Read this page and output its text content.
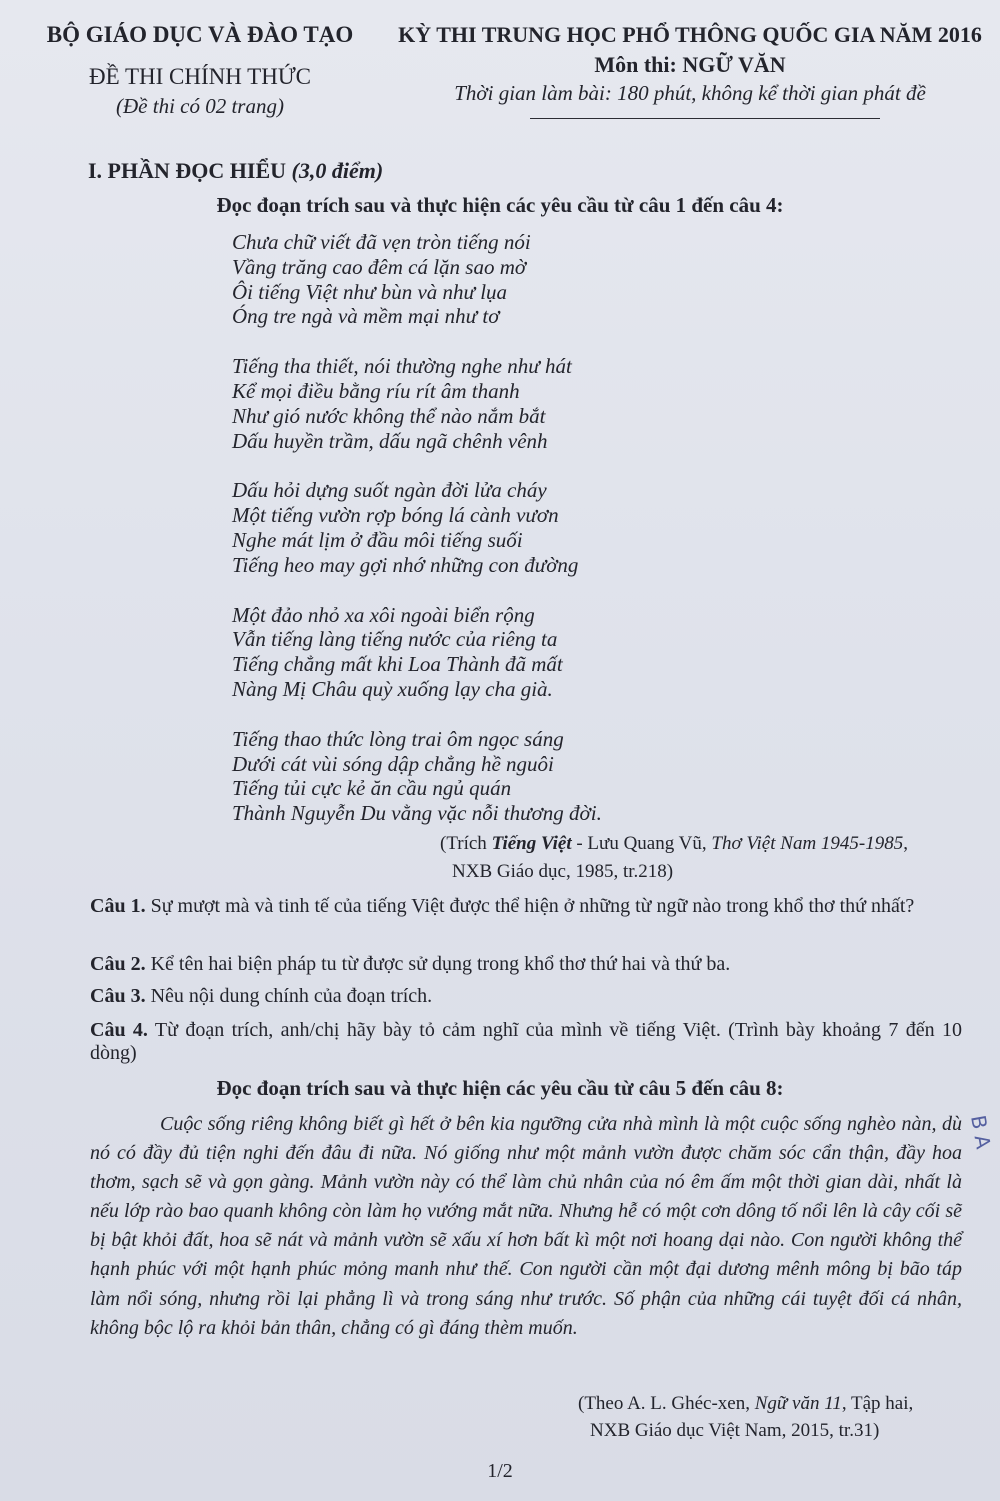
BỘ GIÁO DỤC VÀ ĐÀO TẠO
ĐỀ THI CHÍNH THỨC
(Đề thi có 02 trang)
KỲ THI TRUNG HỌC PHỔ THÔNG QUỐC GIA NĂM 2016
Môn thi: NGỮ VĂN
Thời gian làm bài: 180 phút, không kể thời gian phát đề
I. PHẦN ĐỌC HIỂU (3,0 điểm)
Đọc đoạn trích sau và thực hiện các yêu cầu từ câu 1 đến câu 4:
Chưa chữ viết đã vẹn tròn tiếng nói
Vầng trăng cao đêm cá lặn sao mờ
Ôi tiếng Việt như bùn và như lụa
Óng tre ngà và mềm mại như tơ
Tiếng tha thiết, nói thường nghe như hát
Kể mọi điều bằng ríu rít âm thanh
Như gió nước không thể nào nắm bắt
Dấu huyền trầm, dấu ngã chênh vênh
Dấu hỏi dựng suốt ngàn đời lửa cháy
Một tiếng vườn rợp bóng lá cành vươn
Nghe mát lịm ở đầu môi tiếng suối
Tiếng heo may gợi nhớ những con đường
Một đảo nhỏ xa xôi ngoài biển rộng
Vẫn tiếng làng tiếng nước của riêng ta
Tiếng chẳng mất khi Loa Thành đã mất
Nàng Mị Châu quỳ xuống lạy cha già.
Tiếng thao thức lòng trai ôm ngọc sáng
Dưới cát vùi sóng dập chẳng hề nguôi
Tiếng tủi cực kẻ ăn cầu ngủ quán
Thành Nguyễn Du vằng vặc nỗi thương đời.
(Trích Tiếng Việt - Lưu Quang Vũ, Thơ Việt Nam 1945-1985,
NXB Giáo dục, 1985, tr.218)
Câu 1. Sự mượt mà và tinh tế của tiếng Việt được thể hiện ở những từ ngữ nào trong khổ thơ thứ nhất?
Câu 2. Kể tên hai biện pháp tu từ được sử dụng trong khổ thơ thứ hai và thứ ba.
Câu 3. Nêu nội dung chính của đoạn trích.
Câu 4. Từ đoạn trích, anh/chị hãy bày tỏ cảm nghĩ của mình về tiếng Việt. (Trình bày khoảng 7 đến 10 dòng)
Đọc đoạn trích sau và thực hiện các yêu cầu từ câu 5 đến câu 8:
Cuộc sống riêng không biết gì hết ở bên kia ngưỡng cửa nhà mình là một cuộc sống nghèo nàn, dù nó có đầy đủ tiện nghi đến đâu đi nữa. Nó giống như một mảnh vườn được chăm sóc cẩn thận, đầy hoa thơm, sạch sẽ và gọn gàng. Mảnh vườn này có thể làm chủ nhân của nó êm ấm một thời gian dài, nhất là nếu lớp rào bao quanh không còn làm họ vướng mắt nữa. Nhưng hễ có một cơn dông tố nổi lên là cây cối sẽ bị bật khỏi đất, hoa sẽ nát và mảnh vườn sẽ xấu xí hơn bất kì một nơi hoang dại nào. Con người không thể hạnh phúc với một hạnh phúc mỏng manh như thế. Con người cần một đại dương mênh mông bị bão táp làm nổi sóng, nhưng rồi lại phẳng lì và trong sáng như trước. Số phận của những cái tuyệt đối cá nhân, không bộc lộ ra khỏi bản thân, chẳng có gì đáng thèm muốn.
(Theo A. L. Ghéc-xen, Ngữ văn 11, Tập hai,
NXB Giáo dục Việt Nam, 2015, tr.31)
B A
1/2
